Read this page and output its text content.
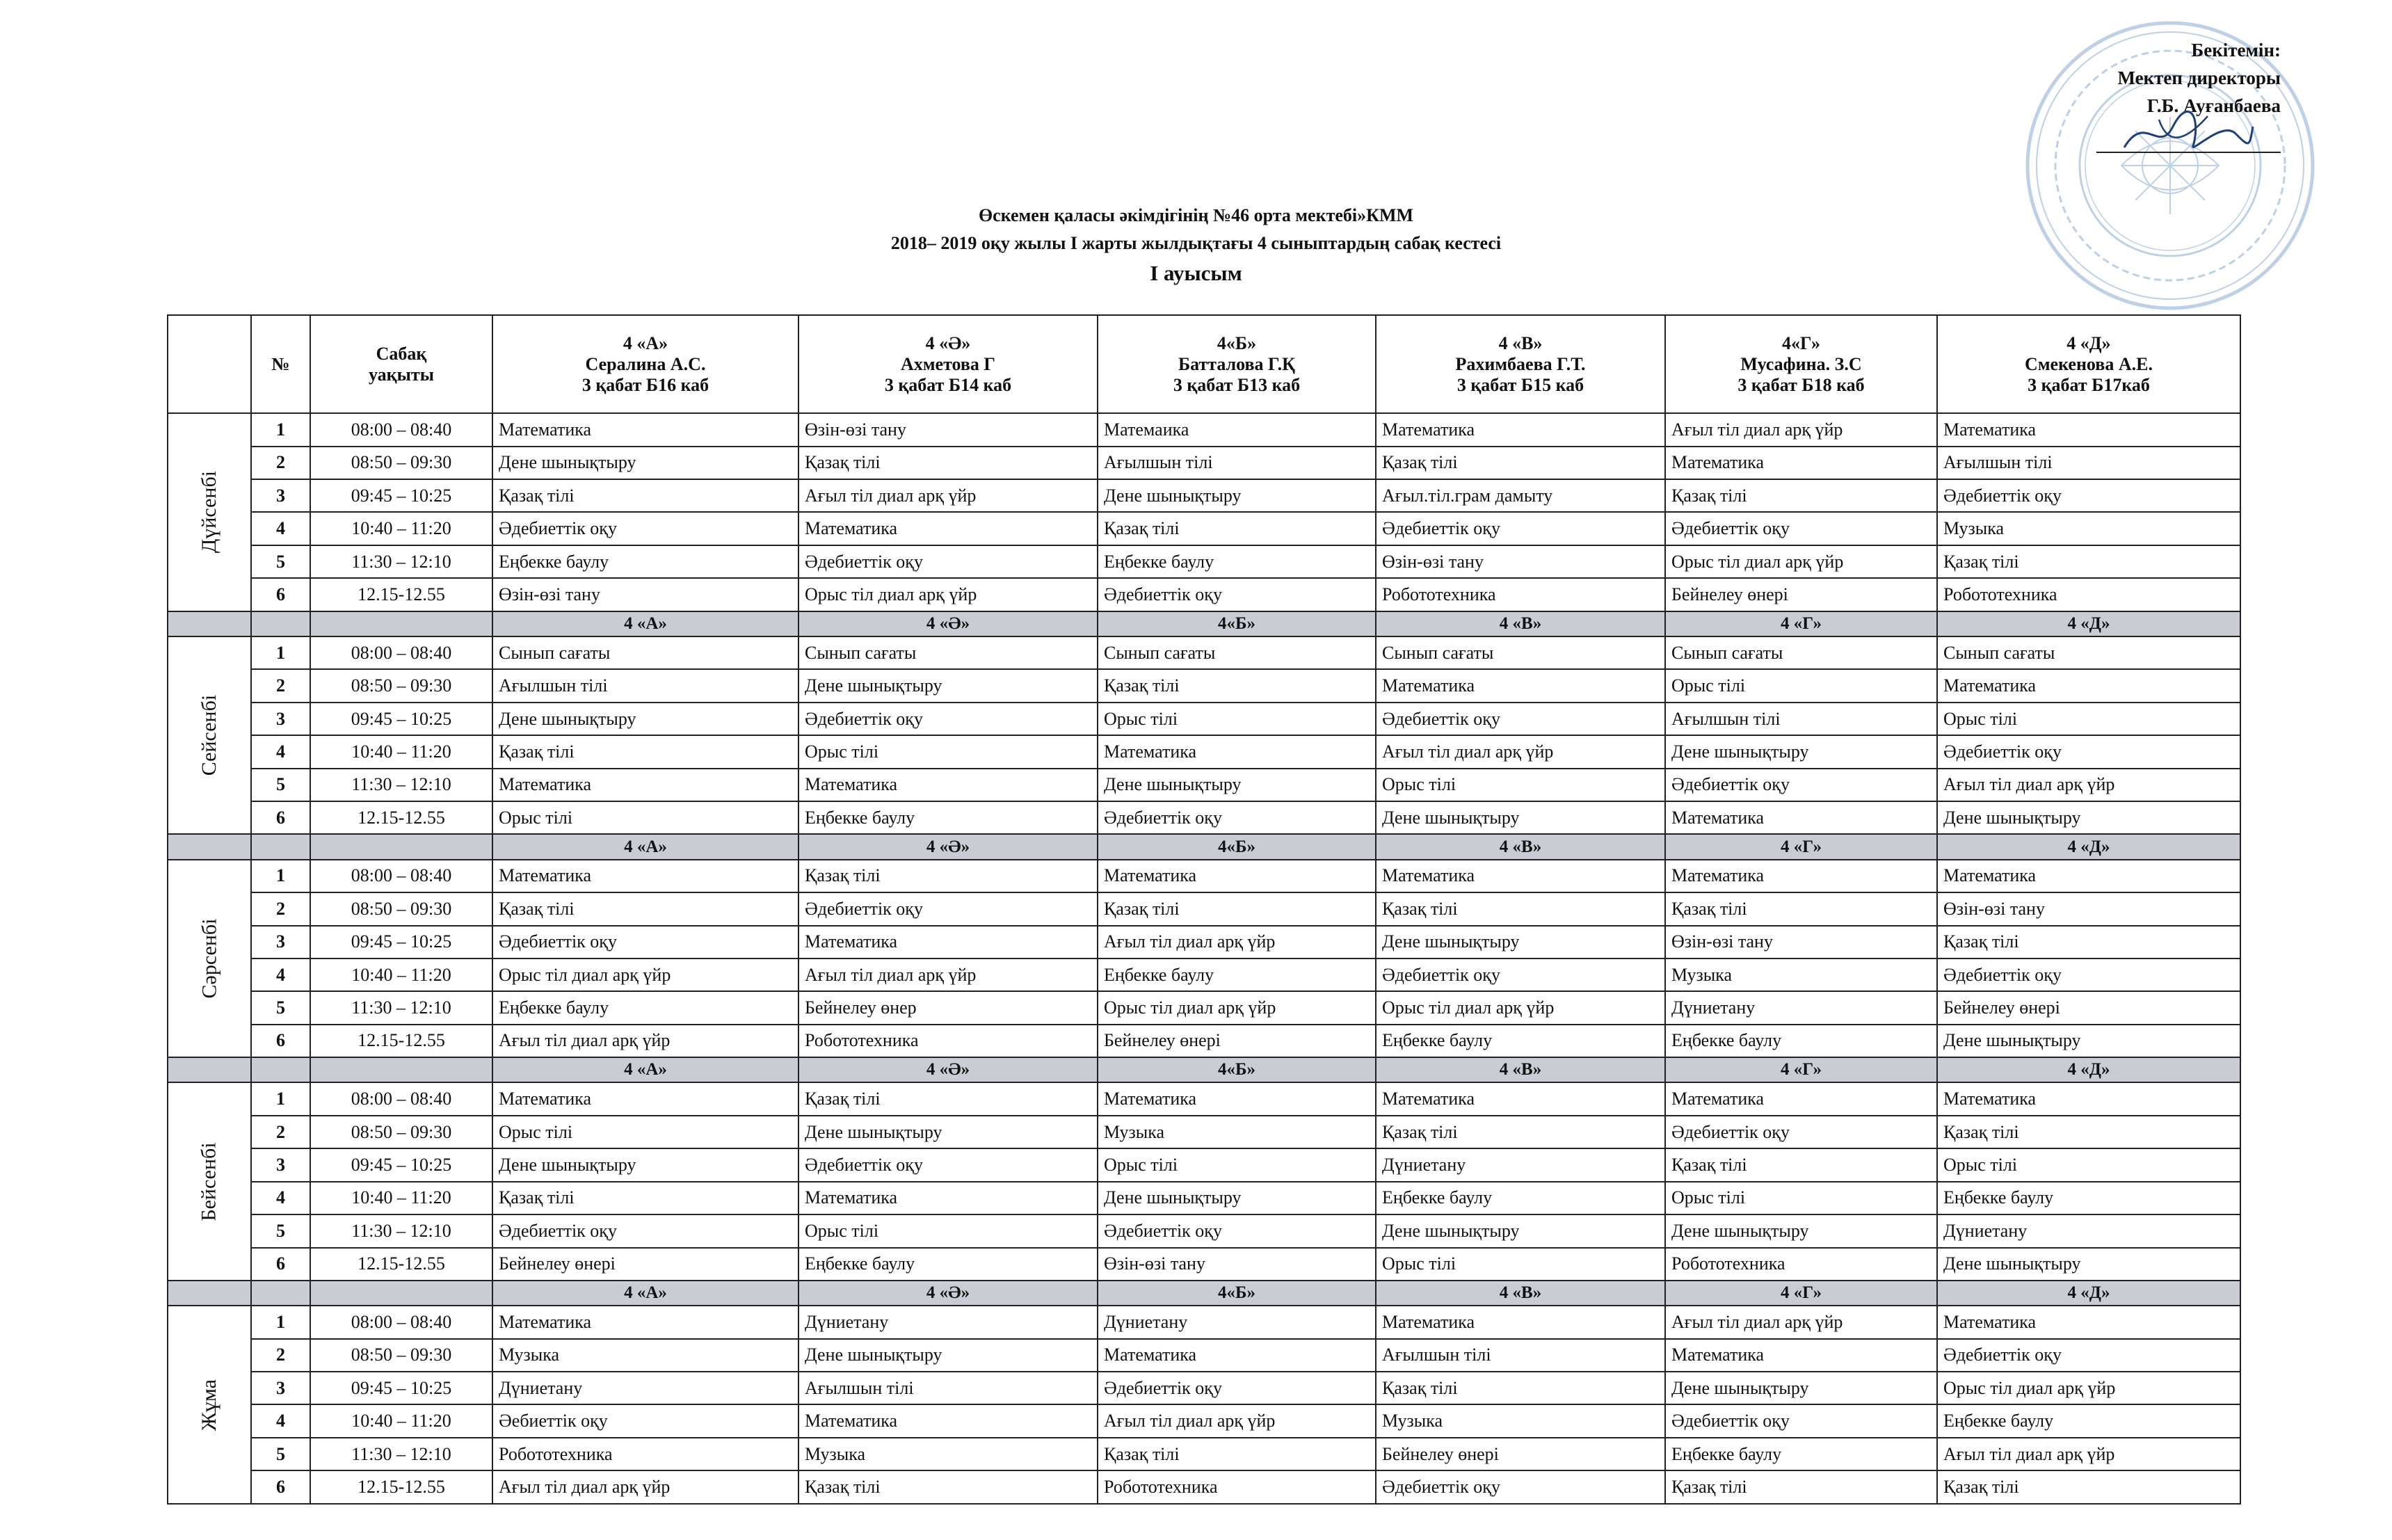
Бекітемін:
Мектеп директоры
Г.Б. Ауғанбаева
Өскемен қаласы әкімдігінің №46 орта мектебі»КММ
2018– 2019 оқу жылы І жарты жылдықтағы 4 сыныптардың сабақ кестесі
І ауысым
	№	Сабақ
уақыты	4 «А»
Сералина А.С.
3 қабат Б16 каб	4 «Ә»
Ахметова Г
3 қабат Б14 каб	4«Б»
Батталова Г.Қ
3 қабат Б13 каб	4 «В»
Рахимбаева Г.Т.
3 қабат Б15 каб	4«Г»
Мусафина. З.С
3 қабат Б18 каб	4 «Д»
Смекенова А.Е.
3 қабат Б17каб

Дүйсенбі	1	08:00 – 08:40	Математика	Өзін-өзі тану	Матемаика	Математика	Ағыл тіл диал арқ үйр	Математика
	2	08:50 – 09:30	Дене шынықтыру	Қазақ тілі	Ағылшын тілі	Қазақ тілі	Математика	Ағылшын тілі
	3	09:45 – 10:25	Қазақ тілі	Ағыл тіл диал арқ үйр	Дене шынықтыру	Ағыл.тіл.грам дамыту	Қазақ тілі	Әдебиеттік оқу
	4	10:40 – 11:20	Әдебиеттік оқу	Математика	Қазақ тілі	Әдебиеттік оқу	Әдебиеттік оқу	Музыка
	5	11:30 – 12:10	Еңбекке баулу	Әдебиеттік оқу	Еңбекке баулу	Өзін-өзі тану	Орыс тіл диал арқ үйр	Қазақ тілі
	6	12.15-12.55	Өзін-өзі тану	Орыс тіл диал арқ үйр	Әдебиеттік оқу	Робототехника	Бейнелеу өнері	Робототехника
			4 «А»	4 «Ә»	4«Б»	4 «В»	4 «Г»	4 «Д»
Сейсенбі	1	08:00 – 08:40	Сынып сағаты	Сынып сағаты	Сынып сағаты	Сынып сағаты	Сынып сағаты	Сынып сағаты
	2	08:50 – 09:30	Ағылшын тілі	Дене шынықтыру	Қазақ тілі	Математика	Орыс тілі	Математика
	3	09:45 – 10:25	Дене шынықтыру	Әдебиеттік оқу	Орыс тілі	Әдебиеттік оқу	Ағылшын тілі	Орыс тілі
	4	10:40 – 11:20	Қазақ тілі	Орыс тілі	Математика	Ағыл тіл диал арқ үйр	Дене шынықтыру	Әдебиеттік оқу
	5	11:30 – 12:10	Математика	Математика	Дене шынықтыру	Орыс тілі	Әдебиеттік оқу	Ағыл тіл диал арқ үйр
	6	12.15-12.55	Орыс тілі	Еңбекке баулу	Әдебиеттік оқу	Дене шынықтыру	Математика	Дене шынықтыру
			4 «А»	4 «Ә»	4«Б»	4 «В»	4 «Г»	4 «Д»
Сәрсенбі	1	08:00 – 08:40	Математика	Қазақ тілі	Математика	Математика	Математика	Математика
	2	08:50 – 09:30	Қазақ тілі	Әдебиеттік оқу	Қазақ тілі	Қазақ тілі	Қазақ тілі	Өзін-өзі тану
	3	09:45 – 10:25	Әдебиеттік оқу	Математика	Ағыл тіл диал арқ үйр	Дене шынықтыру	Өзін-өзі тану	Қазақ тілі
	4	10:40 – 11:20	Орыс тіл диал арқ үйр	Ағыл тіл диал арқ үйр	Еңбекке баулу	Әдебиеттік оқу	Музыка	Әдебиеттік оқу
	5	11:30 – 12:10	Еңбекке баулу	Бейнелеу өнер	Орыс тіл диал арқ үйр	Орыс тіл диал арқ үйр	Дүниетану	Бейнелеу өнері
	6	12.15-12.55	Ағыл тіл диал арқ үйр	Робототехника	Бейнелеу өнері	Еңбекке баулу	Еңбекке баулу	Дене шынықтыру
			4 «А»	4 «Ә»	4«Б»	4 «В»	4 «Г»	4 «Д»
Бейсенбі	1	08:00 – 08:40	Математика	Қазақ тілі	Математика	Математика	Математика	Математика
	2	08:50 – 09:30	Орыс тілі	Дене шынықтыру	Музыка	Қазақ тілі	Әдебиеттік оқу	Қазақ тілі
	3	09:45 – 10:25	Дене шынықтыру	Әдебиеттік оқу	Орыс тілі	Дүниетану	Қазақ тілі	Орыс тілі
	4	10:40 – 11:20	Қазақ тілі	Математика	Дене шынықтыру	Еңбекке баулу	Орыс тілі	Еңбекке баулу
	5	11:30 – 12:10	Әдебиеттік оқу	Орыс тілі	Әдебиеттік оқу	Дене шынықтыру	Дене шынықтыру	Дүниетану
	6	12.15-12.55	Бейнелеу өнері	Еңбекке баулу	Өзін-өзі тану	Орыс тілі	Робототехника	Дене шынықтыру
			4 «А»	4 «Ә»	4«Б»	4 «В»	4 «Г»	4 «Д»
Жұма	1	08:00 – 08:40	Математика	Дүниетану	Дүниетану	Математика	Ағыл тіл диал арқ үйр	Математика
	2	08:50 – 09:30	Музыка	Дене шынықтыру	Математика	Ағылшын тілі	Математика	Әдебиеттік оқу
	3	09:45 – 10:25	Дүниетану	Ағылшын тілі	Әдебиеттік оқу	Қазақ тілі	Дене шынықтыру	Орыс тіл диал арқ үйр
	4	10:40 – 11:20	Әебиеттік оқу	Математика	Ағыл тіл диал арқ үйр	Музыка	Әдебиеттік оқу	Еңбекке баулу
	5	11:30 – 12:10	Робототехника	Музыка	Қазақ тілі	Бейнелеу өнері	Еңбекке баулу	Ағыл тіл диал арқ үйр
	6	12.15-12.55	Ағыл тіл диал арқ үйр	Қазақ тілі	Робототехника	Әдебиеттік оқу	Қазақ тілі	Қазақ тілі
